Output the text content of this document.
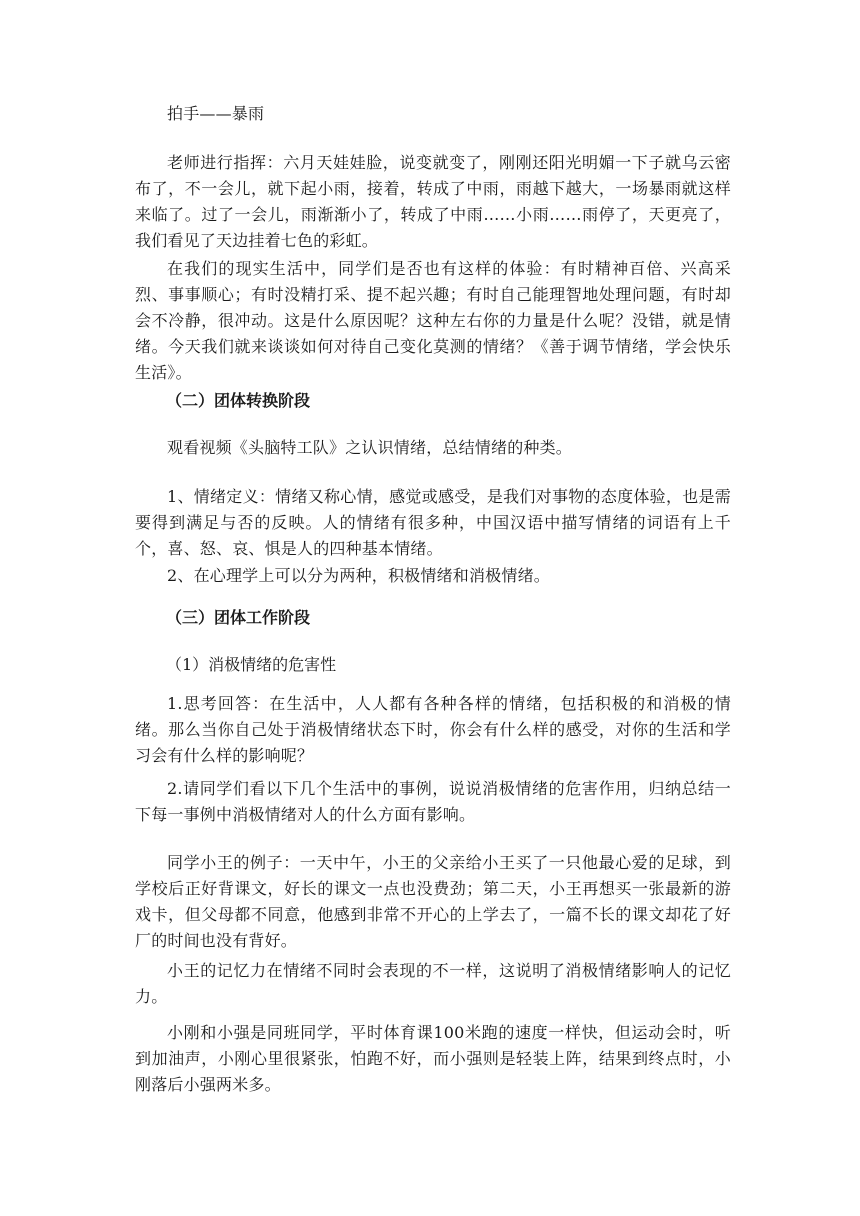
拍手——暴雨

老师进行指挥：六月天娃娃脸，说变就变了，刚刚还阳光明媚一下子就乌云密布了，不一会儿，就下起小雨，接着，转成了中雨，雨越下越大，一场暴雨就这样来临了。过了一会儿，雨渐渐小了，转成了中雨……小雨……雨停了，天更亮了，我们看见了天边挂着七色的彩虹。

在我们的现实生活中，同学们是否也有这样的体验：有时精神百倍、兴高采烈、事事顺心；有时没精打采、提不起兴趣；有时自己能理智地处理问题，有时却会不冷静，很冲动。这是什么原因呢？这种左右你的力量是什么呢？没错，就是情绪。今天我们就来谈谈如何对待自己变化莫测的情绪？《善于调节情绪，学会快乐生活》。

（二）团体转换阶段

观看视频《头脑特工队》之认识情绪，总结情绪的种类。

1、情绪定义：情绪又称心情，感觉或感受，是我们对事物的态度体验，也是需要得到满足与否的反映。人的情绪有很多种，中国汉语中描写情绪的词语有上千个，喜、怒、哀、惧是人的四种基本情绪。

2、在心理学上可以分为两种，积极情绪和消极情绪。

（三）团体工作阶段

（1）消极情绪的危害性

1.思考回答：在生活中，人人都有各种各样的情绪，包括积极的和消极的情绪。那么当你自己处于消极情绪状态下时，你会有什么样的感受，对你的生活和学习会有什么样的影响呢？

2.请同学们看以下几个生活中的事例，说说消极情绪的危害作用，归纳总结一下每一事例中消极情绪对人的什么方面有影响。

同学小王的例子：一天中午，小王的父亲给小王买了一只他最心爱的足球，到学校后正好背课文，好长的课文一点也没费劲；第二天，小王再想买一张最新的游戏卡，但父母都不同意，他感到非常不开心的上学去了，一篇不长的课文却花了好厂的时间也没有背好。

小王的记忆力在情绪不同时会表现的不一样，这说明了消极情绪影响人的记忆力。

小刚和小强是同班同学，平时体育课100米跑的速度一样快，但运动会时，听到加油声，小刚心里很紧张，怕跑不好，而小强则是轻装上阵，结果到终点时，小刚落后小强两米多。
